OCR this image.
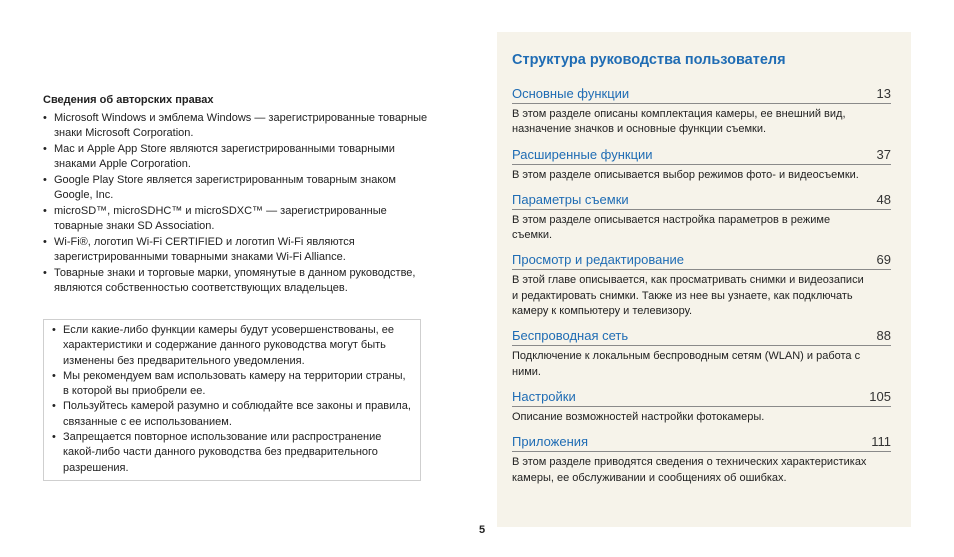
Сведения об авторских правах
• Microsoft Windows и эмблема Windows — зарегистрированные товарные знаки Microsoft Corporation.
• Mac и Apple App Store являются зарегистрированными товарными знаками Apple Corporation.
• Google Play Store является зарегистрированным товарным знаком Google, Inc.
• microSD™, microSDHC™ и microSDXC™ — зарегистрированные товарные знаки SD Association.
• Wi-Fi®, логотип Wi-Fi CERTIFIED и логотип Wi-Fi являются зарегистрированными товарными знаками Wi-Fi Alliance.
• Товарные знаки и торговые марки, упомянутые в данном руководстве, являются собственностью соответствующих владельцев.
• Если какие-либо функции камеры будут усовершенствованы, ее характеристики и содержание данного руководства могут быть изменены без предварительного уведомления.
• Мы рекомендуем вам использовать камеру на территории страны, в которой вы приобрели ее.
• Пользуйтесь камерой разумно и соблюдайте все законы и правила, связанные с ее использованием.
• Запрещается повторное использование или распространение какой-либо части данного руководства без предварительного разрешения.
Структура руководства пользователя
Основные функции	13
В этом разделе описаны комплектация камеры, ее внешний вид, назначение значков и основные функции съемки.
Расширенные функции	37
В этом разделе описывается выбор режимов фото- и видеосъемки.
Параметры съемки	48
В этом разделе описывается настройка параметров в режиме съемки.
Просмотр и редактирование	69
В этой главе описывается, как просматривать снимки и видеозаписи и редактировать снимки. Также из нее вы узнаете, как подключать камеру к компьютеру и телевизору.
Беспроводная сеть	88
Подключение к локальным беспроводным сетям (WLAN) и работа с ними.
Настройки	105
Описание возможностей настройки фотокамеры.
Приложения	111
В этом разделе приводятся сведения о технических характеристиках камеры, ее обслуживании и сообщениях об ошибках.
5
